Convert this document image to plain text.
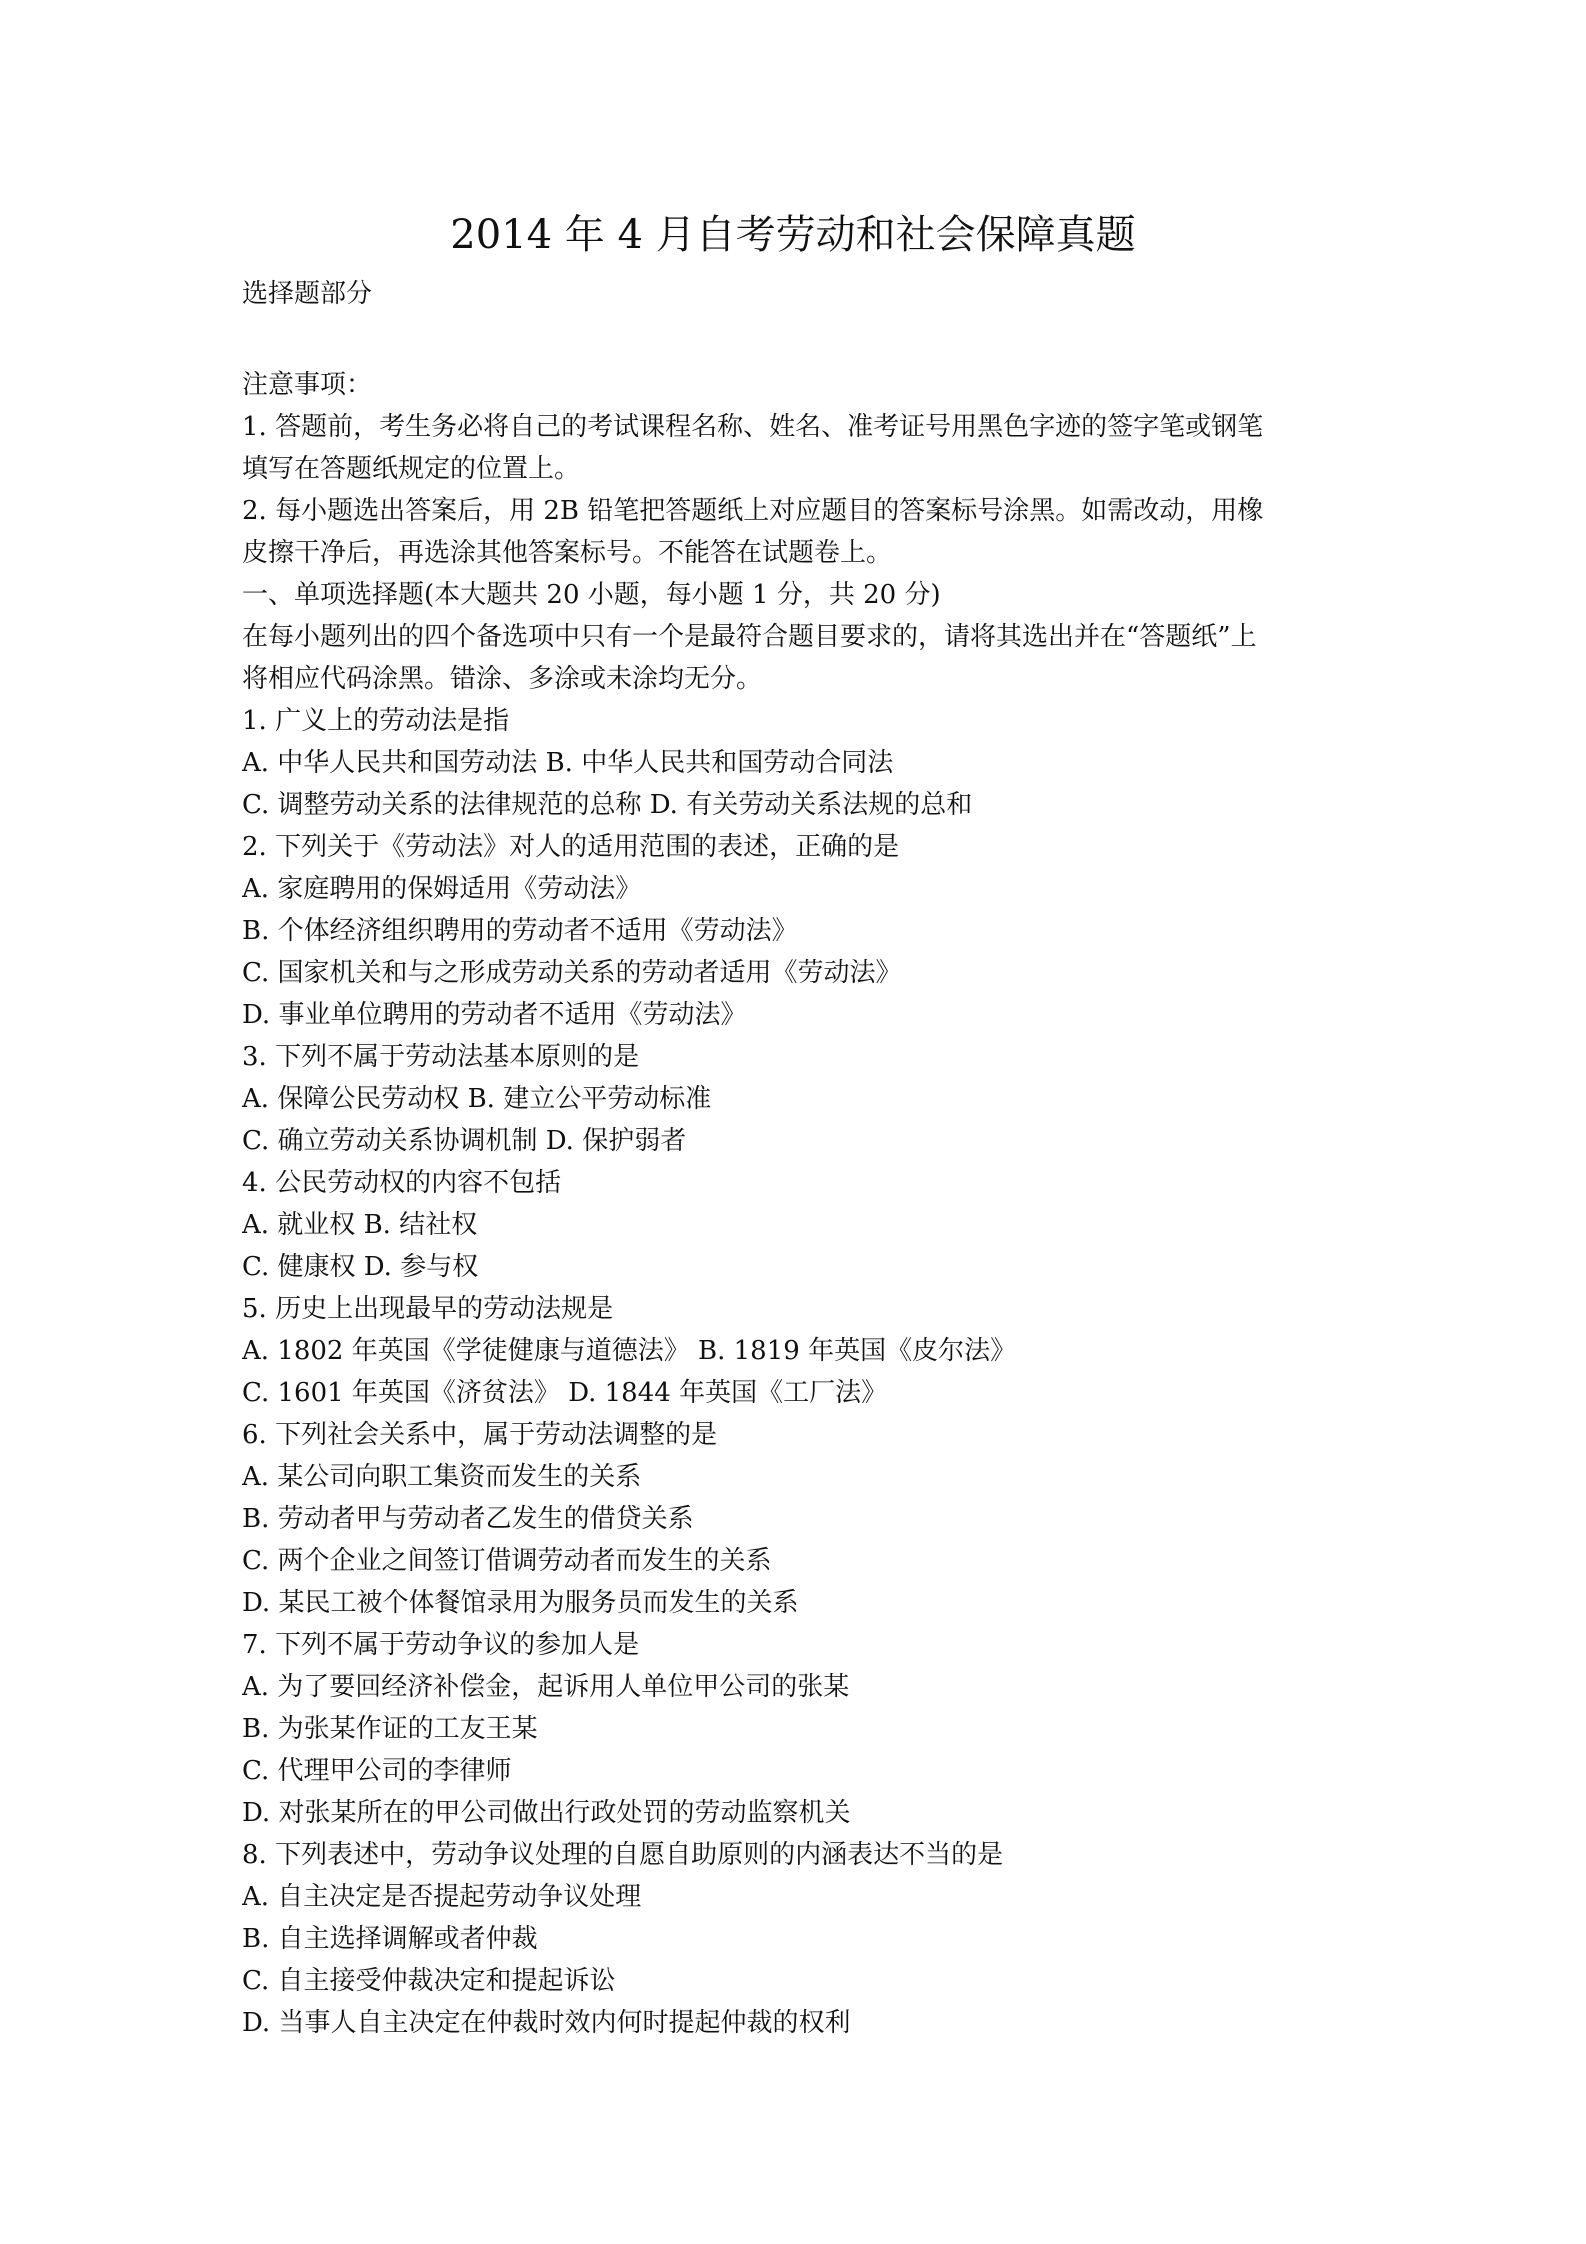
2014 年 4 月自考劳动和社会保障真题
选择题部分
注意事项：
1. 答题前，考生务必将自己的考试课程名称、姓名、准考证号用黑色字迹的签字笔或钢笔
填写在答题纸规定的位置上。
2. 每小题选出答案后，用 2B 铅笔把答题纸上对应题目的答案标号涂黑。如需改动，用橡
皮擦干净后，再选涂其他答案标号。不能答在试题卷上。
一、单项选择题(本大题共 20 小题，每小题 1 分，共 20 分)
在每小题列出的四个备选项中只有一个是最符合题目要求的，请将其选出并在“答题纸”上
将相应代码涂黑。错涂、多涂或未涂均无分。
1. 广义上的劳动法是指
A. 中华人民共和国劳动法 B. 中华人民共和国劳动合同法
C. 调整劳动关系的法律规范的总称 D. 有关劳动关系法规的总和
2. 下列关于《劳动法》对人的适用范围的表述，正确的是
A. 家庭聘用的保姆适用《劳动法》
B. 个体经济组织聘用的劳动者不适用《劳动法》
C. 国家机关和与之形成劳动关系的劳动者适用《劳动法》
D. 事业单位聘用的劳动者不适用《劳动法》
3. 下列不属于劳动法基本原则的是
A. 保障公民劳动权 B. 建立公平劳动标准
C. 确立劳动关系协调机制 D. 保护弱者
4. 公民劳动权的内容不包括
A. 就业权 B. 结社权
C. 健康权 D. 参与权
5. 历史上出现最早的劳动法规是
A. 1802 年英国《学徒健康与道德法》 B. 1819 年英国《皮尔法》
C. 1601 年英国《济贫法》 D. 1844 年英国《工厂法》
6. 下列社会关系中，属于劳动法调整的是
A. 某公司向职工集资而发生的关系
B. 劳动者甲与劳动者乙发生的借贷关系
C. 两个企业之间签订借调劳动者而发生的关系
D. 某民工被个体餐馆录用为服务员而发生的关系
7. 下列不属于劳动争议的参加人是
A. 为了要回经济补偿金，起诉用人单位甲公司的张某
B. 为张某作证的工友王某
C. 代理甲公司的李律师
D. 对张某所在的甲公司做出行政处罚的劳动监察机关
8. 下列表述中，劳动争议处理的自愿自助原则的内涵表达不当的是
A. 自主决定是否提起劳动争议处理
B. 自主选择调解或者仲裁
C. 自主接受仲裁决定和提起诉讼
D. 当事人自主决定在仲裁时效内何时提起仲裁的权利
